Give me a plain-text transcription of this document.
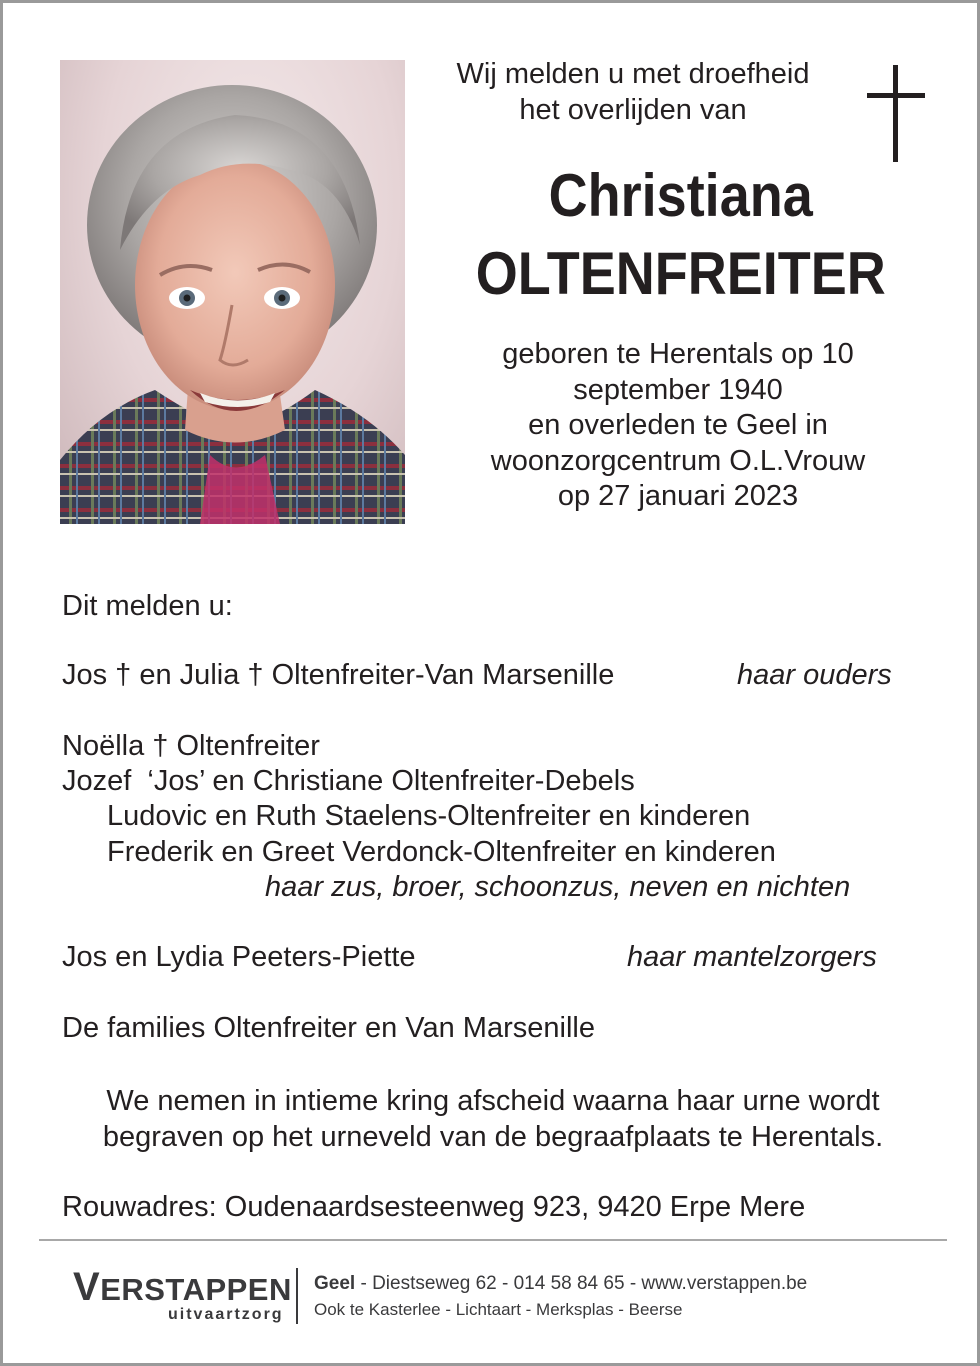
Wij melden u met droefheid
het overlijden van
Christiana
OLTENFREITER
geboren te Herentals op 10
september 1940
en overleden te Geel in
woonzorgcentrum O.L.Vrouw
op 27 januari 2023
Dit melden u:
Jos † en Julia † Oltenfreiter-Van Marsenille	haar ouders
Noëlla † Oltenfreiter
Jozef  ‘Jos’ en Christiane Oltenfreiter-Debels
Ludovic en Ruth Staelens-Oltenfreiter en kinderen
Frederik en Greet Verdonck-Oltenfreiter en kinderen
haar zus, broer, schoonzus, neven en nichten
Jos en Lydia Peeters-Piette	haar mantelzorgers
De families Oltenfreiter en Van Marsenille
We nemen in intieme kring afscheid waarna haar urne wordt
begraven op het urneveld van de begraafplaats te Herentals.
Rouwadres: Oudenaardsesteenweg 923, 9420 Erpe Mere
VERSTAPPEN
uitvaartzorg
Geel - Diestseweg 62 - 014 58 84 65 - www.verstappen.be
Ook te Kasterlee - Lichtaart - Merksplas - Beerse
